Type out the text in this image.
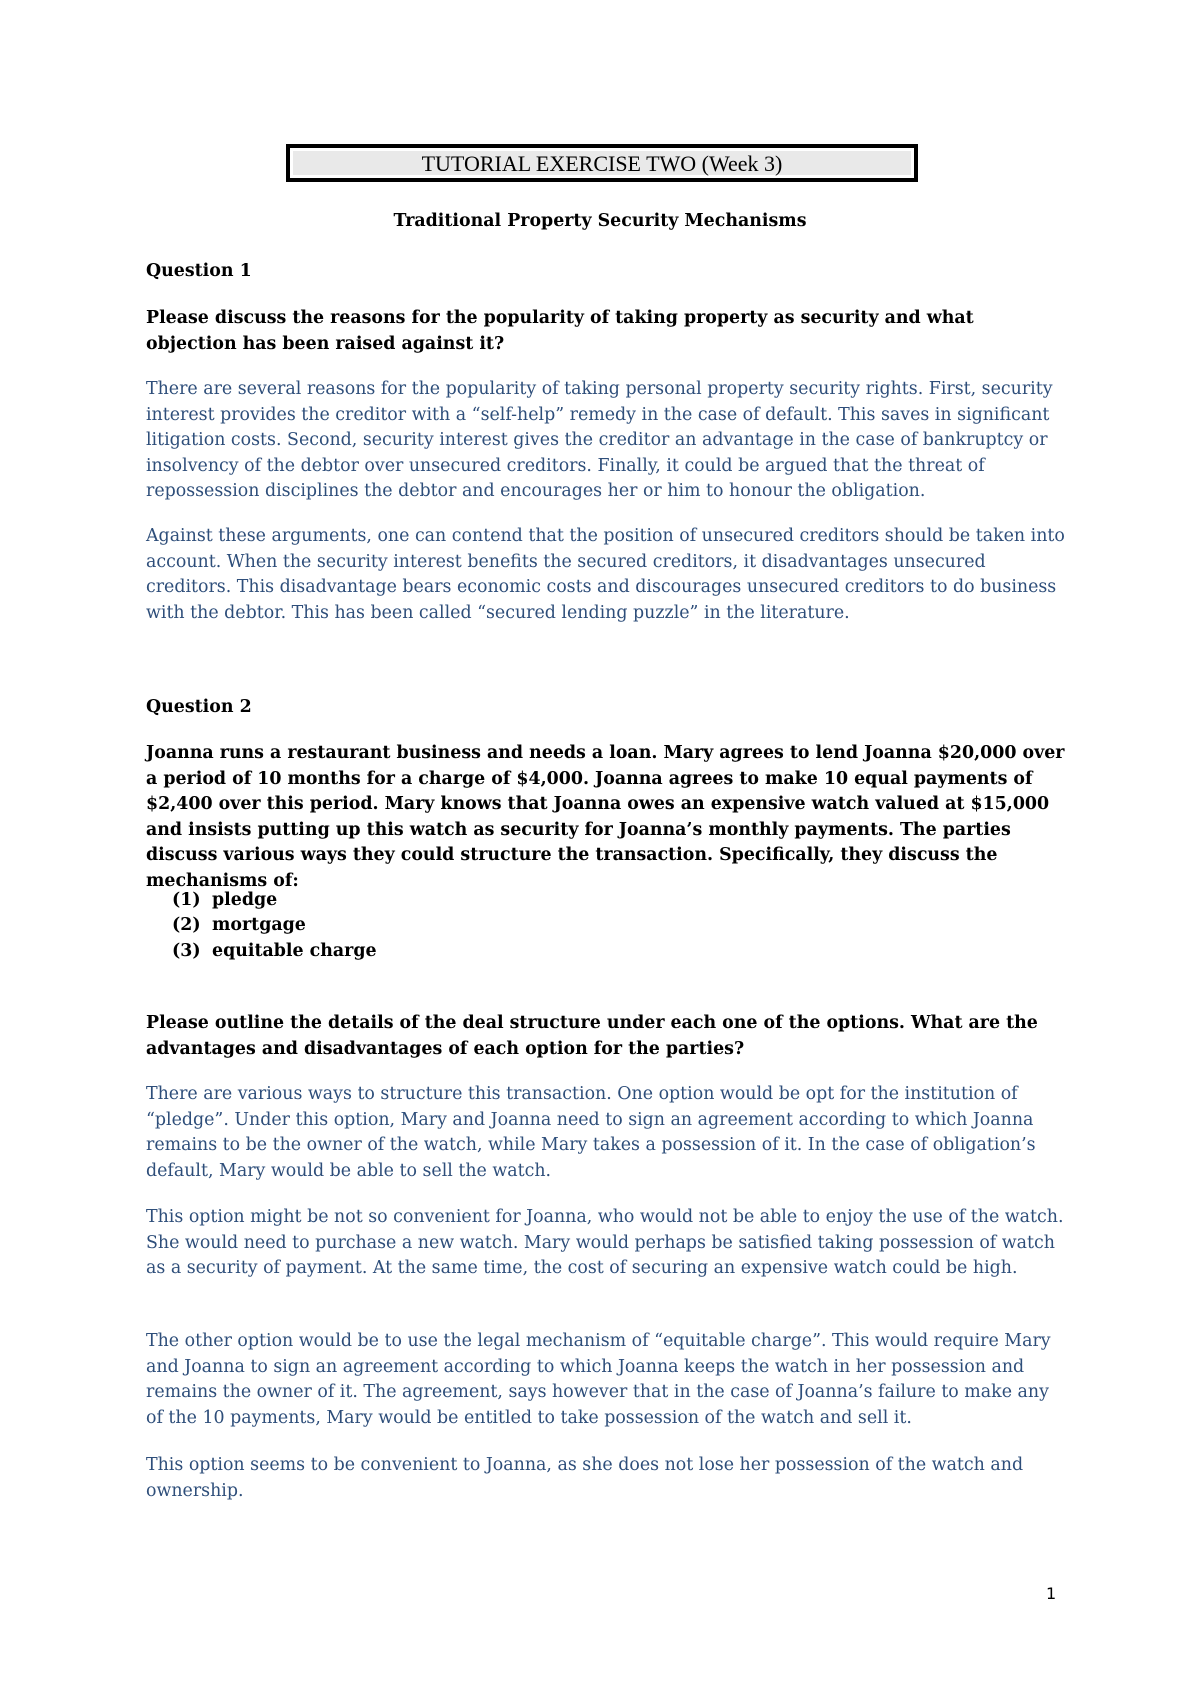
TUTORIAL EXERCISE TWO (Week 3)
Traditional Property Security Mechanisms

Question 1

Please discuss the reasons for the popularity of taking property as security and what objection has been raised against it?

There are several reasons for the popularity of taking personal property security rights. First, security interest provides the creditor with a “self-help” remedy in the case of default. This saves in significant litigation costs. Second, security interest gives the creditor an advantage in the case of bankruptcy or insolvency of the debtor over unsecured creditors. Finally, it could be argued that the threat of repossession disciplines the debtor and encourages her or him to honour the obligation.

Against these arguments, one can contend that the position of unsecured creditors should be taken into account. When the security interest benefits the secured creditors, it disadvantages unsecured creditors. This disadvantage bears economic costs and discourages unsecured creditors to do business with the debtor. This has been called “secured lending puzzle” in the literature.

Question 2

Joanna runs a restaurant business and needs a loan. Mary agrees to lend Joanna $20,000 over a period of 10 months for a charge of $4,000. Joanna agrees to make 10 equal payments of $2,400 over this period. Mary knows that Joanna owes an expensive watch valued at $15,000 and insists putting up this watch as security for Joanna’s monthly payments. The parties discuss various ways they could structure the transaction. Specifically, they discuss the mechanisms of:

(1) pledge
(2) mortgage
(3) equitable charge

Please outline the details of the deal structure under each one of the options. What are the advantages and disadvantages of each option for the parties?

There are various ways to structure this transaction. One option would be opt for the institution of “pledge”. Under this option, Mary and Joanna need to sign an agreement according to which Joanna remains to be the owner of the watch, while Mary takes a possession of it. In the case of obligation’s default, Mary would be able to sell the watch.

This option might be not so convenient for Joanna, who would not be able to enjoy the use of the watch. She would need to purchase a new watch. Mary would perhaps be satisfied taking possession of watch as a security of payment. At the same time, the cost of securing an expensive watch could be high.

The other option would be to use the legal mechanism of “equitable charge”. This would require Mary and Joanna to sign an agreement according to which Joanna keeps the watch in her possession and remains the owner of it. The agreement, says however that in the case of Joanna’s failure to make any of the 10 payments, Mary would be entitled to take possession of the watch and sell it.

This option seems to be convenient to Joanna, as she does not lose her possession of the watch and ownership.

1
